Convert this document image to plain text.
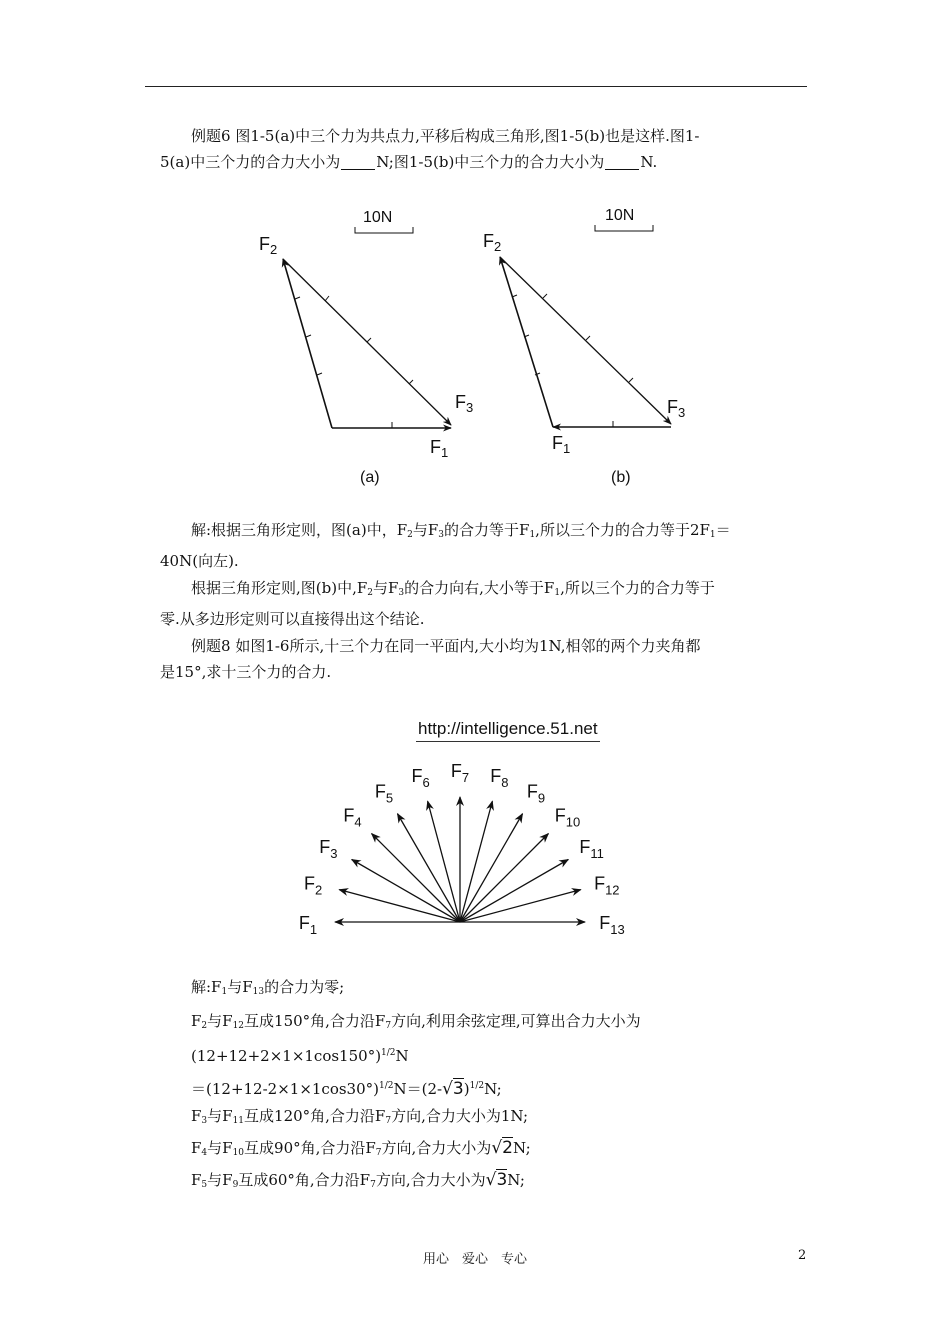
例题6 图1-5(a)中三个力为共点力,平移后构成三角形,图1-5(b)也是这样.图1-
5(a)中三个力的合力大小为 N;图1-5(b)中三个力的合力大小为 N.

10N	10N
$F_2$
$F_3$
$F_1$
(a)
$F_2$
$F_3$
$F_1$
(b)

解:根据三角形定则，图(a)中，$F_2$与$F_3$的合力等于$F_1$,所以三个力的合力等于$2F_1=$
40N(向左).

根据三角形定则,图(b)中$,F_2$与$F_3$的合力向右,大小等于$F_1$,所以三个力的合力等于
零.从多边形定则可以直接得出这个结论.

例题8 如图1-6所示,十三个力在同一平面内,大小均为1N,相邻的两个力夹角都
是15°,求十三个力的合力.

http://intelligence.51.net
$F_1$
$F_2$
$F_3$
$F_4$
$F_5$
$F_6$
$F_7$ $F_8$ $F_9$
$F_{10}$
$F_{11}$
$F_{12}$
$F_{13}$
解$:F_1$与$F_{13}$的合力为零;
$F_2$与$F_{12}$互成150°角,合力沿$F_7$方向,利用余弦定理,可算出合力大小为
$(12+12+2\times 1\times 1\cos 150^\circ)^{1/2}N$
$=(12+12-2\times 1\times 1\cos 30^\circ)^{1/2}N=(2-√3)^{1/2}N$;
$F_3$与$F_{11}$互成120°角,合力沿$F_7$方向,合力大小为1N;
$F_4$与$F_{10}$互成90°角,合力沿$F_7$方向,合力大小为√2N;
$F_5$与$F_9$互成60°角,合力沿$F_7$方向,合力大小为√3N;
用心　爱心　专心	2
